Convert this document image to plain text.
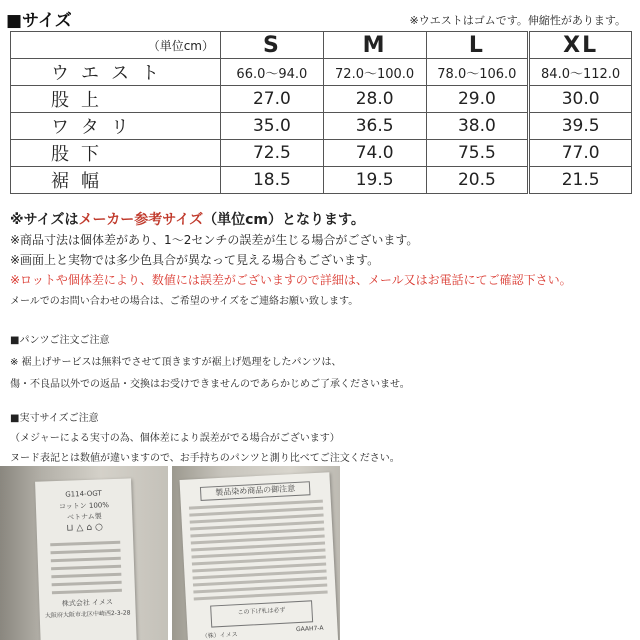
■サイズ	※ウエストはゴムです。伸縮性があります。
（単位cm）	S	M	L	XL
ウエスト	66.0～94.0	72.0～100.0	78.0～106.0	84.0～112.0
股上	27.0	28.0	29.0	30.0
ワタリ	35.0	36.5	38.0	39.5
股下	72.5	74.0	75.5	77.0
裾幅	18.5	19.5	20.5	21.5

※サイズはメーカー参考サイズ（単位cm）となります。

※商品寸法は個体差があり、1～2センチの誤差が生じる場合がございます。

※画面上と実物では多少色具合が異なって見える場合もございます。

※ロットや個体差により、数値には誤差がございますので詳細は、メール又はお電話にてご確認下さい。

メールでのお問い合わせの場合は、ご希望のサイズをご連絡お願い致します。

■パンツご注文ご注意

※ 裾上げサービスは無料でさせて頂きますが裾上げ処理をしたパンツは、

傷・不良品以外での返品・交換はお受けできませんのであらかじめご了承くださいませ。

■実寸サイズご注意

（メジャーによる実寸の為、個体差により誤差がでる場合がございます）

ヌード表記とは数値が違いますので、お手持ちのパンツと測り比べてご注文ください。

G114-OGT
コットン 100%
ベトナム製
⊔ △ ⌂ ○
株式会社 イメス
大阪府大阪市北区中崎西2-3-28
製品染め商品の御注意
この下げ札は必ず
（株）イメス
GAAH7-A
